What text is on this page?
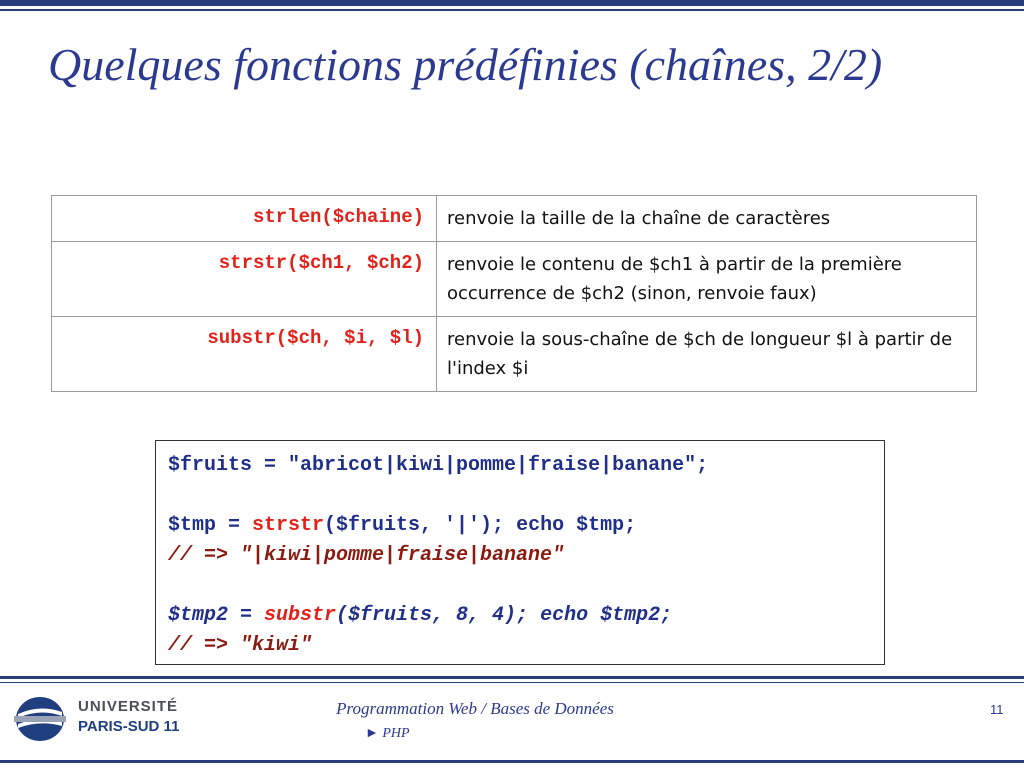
Quelques fonctions prédéfinies (chaînes, 2/2)
strlen($chaine)	renvoie la taille de la chaîne de caractères
strstr($ch1, $ch2)	renvoie le contenu de $ch1 à partir de la première occurrence de $ch2 (sinon, renvoie faux)
substr($ch, $i, $l)	renvoie la sous-chaîne de $ch de longueur $l à partir de l'index $i
$fruits = "abricot|kiwi|pomme|fraise|banane";
$tmp = strstr($fruits, '|'); echo $tmp;
// => "|kiwi|pomme|fraise|banane"
$tmp2 = substr($fruits, 8, 4); echo $tmp2;
// => "kiwi"
UNIVERSITÉ
PARIS-SUD 11
Programmation Web / Bases de Données
► PHP
11
